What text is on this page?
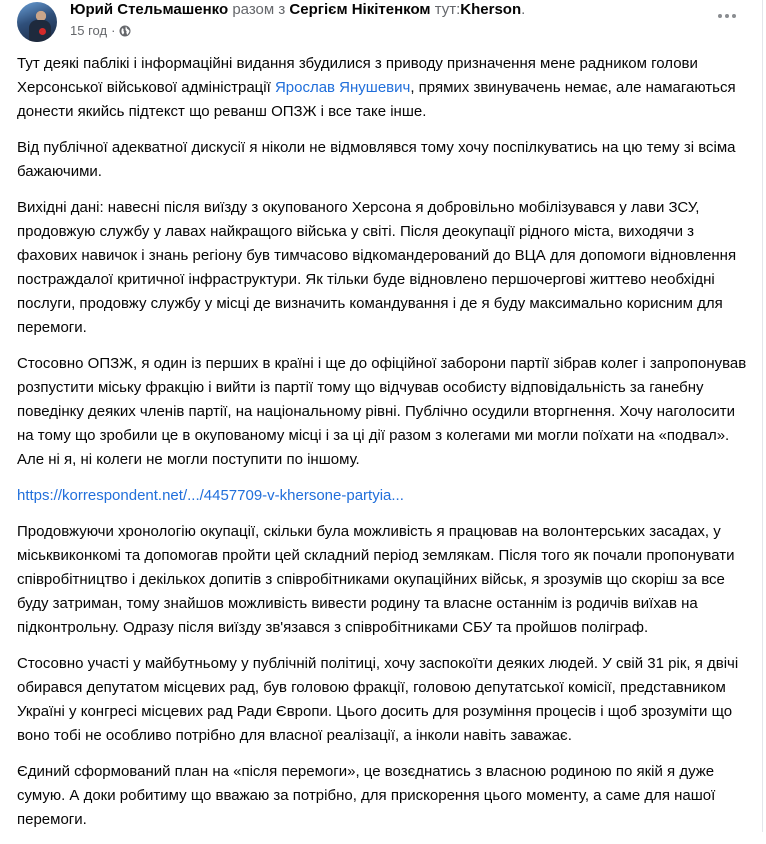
Юрий Стельмашенко разом з Сергієм Нікітенком тут:Kherson.
15 год ·

Тут деякі паблікі і інформаційні видання збудилися з приводу призначення мене радником голови Херсонської військової адміністрації Ярослав Янушевич, прямих звинувачень немає, але намагаються донести якийсь підтекст що реванш ОПЗЖ і все таке інше.

Від публічної адекватної дискусії я ніколи не відмовлявся тому хочу поспілкуватись на цю тему зі всіма бажаючими.

Вихідні дані: навесні після виїзду з окупованого Херсона я добровільно мобілізувався у лави ЗСУ, продовжую службу у лавах найкращого війська у світі. Після деокупації рідного міста, виходячи з фахових навичок і знань регіону був тимчасово відкомандерований до ВЦА для допомоги відновлення постраждалої критичної інфраструктури. Як тільки буде відновлено першочергові життево необхідні послуги, продовжу службу у місці де визначить командування і де я буду максимально корисним для перемоги.

Стосовно ОПЗЖ, я один із перших в країні і ще до офіційної заборони партії зібрав колег і запропонував розпустити міську фракцію і вийти із партії тому що відчував особисту відповідальність за ганебну поведінку деяких членів партії, на національному рівні. Публічно осудили вторгнення. Хочу наголосити на тому що зробили це в окупованому місці і за ці дії разом з колегами ми могли поїхати на «подвал». Але ні я, ні колеги не могли поступити по іншому.

https://korrespondent.net/.../4457709-v-khersone-partyia...

Продовжуючи хронологію окупації, скільки була можливість я працював на волонтерських засадах, у міськвиконкомі та допомогав пройти цей складний період землякам. Після того як почали пропонувати співробітництво і декількох допитів з співробітниками окупаційних військ, я зрозумів що скоріш за все буду затриман, тому знайшов можливість вивести родину та власне останнім із родичів виїхав на підконтрольну. Одразу після виїзду зв'язався з співробітниками СБУ та пройшов поліграф.

Стосовно участі у майбутньому у публічній політиці, хочу заспокоїти деяких людей. У свій 31 рік, я двічі обирався депутатом місцевих рад, був головою фракції, головою депутатської комісії, представником Україні у конгресі місцевих рад Ради Європи. Цього досить для розуміння процесів і щоб зрозуміти що воно тобі не особливо потрібно для власної реалізації, а інколи навіть заважає.

Єдиний сформований план на «після перемоги», це возєднатись з власною родиною по якій я дуже сумую. А доки робитиму що вважаю за потрібно, для прискорення цього моменту, а саме для нашої перемоги.
